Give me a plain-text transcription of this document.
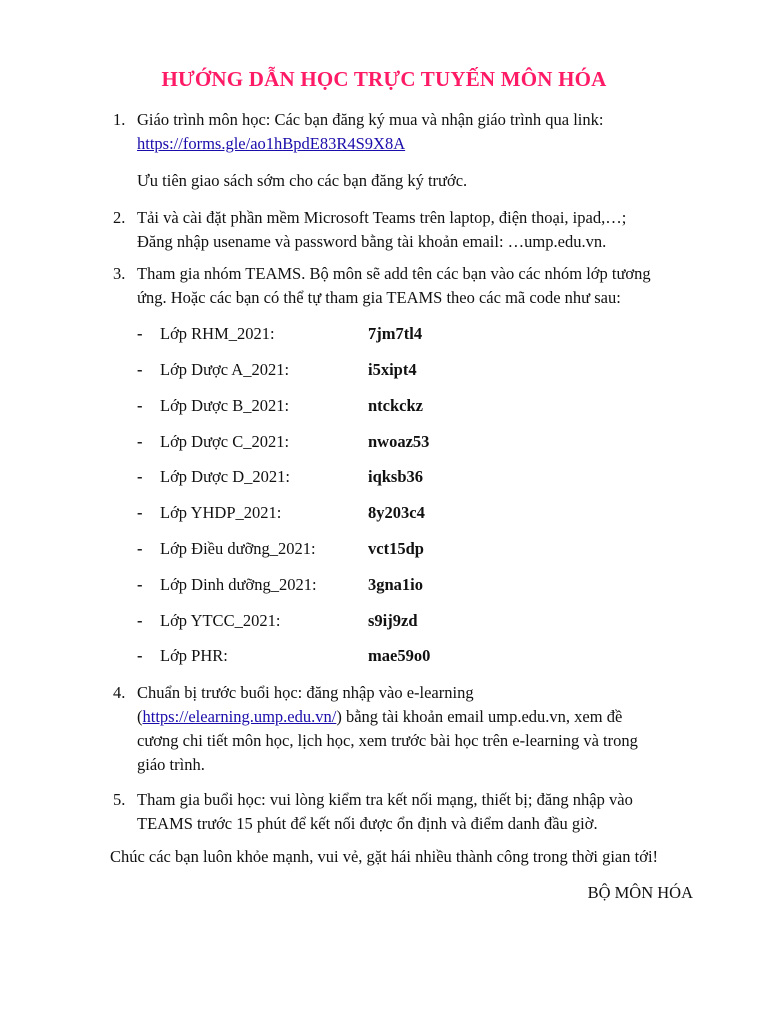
HƯỚNG DẪN HỌC TRỰC TUYẾN MÔN HÓA
1. Giáo trình môn học: Các bạn đăng ký mua và nhận giáo trình qua link:
https://forms.gle/ao1hBpdE83R4S9X8A
Ưu tiên giao sách sớm cho các bạn đăng ký trước.
2. Tải và cài đặt phần mềm Microsoft Teams trên laptop, điện thoại, ipad,…;
Đăng nhập usename và password bằng tài khoản email: …ump.edu.vn.
3. Tham gia nhóm TEAMS. Bộ môn sẽ add tên các bạn vào các nhóm lớp tương
ứng. Hoặc các bạn có thể tự tham gia TEAMS theo các mã code như sau:
- Lớp RHM_2021:	7jm7tl4
- Lớp Dược A_2021:	i5xipt4
- Lớp Dược B_2021:	ntckckz
- Lớp Dược C_2021:	nwoaz53
- Lớp Dược D_2021:	iqksb36
- Lớp YHDP_2021:	8y203c4
- Lớp Điều dưỡng_2021:	vct15dp
- Lớp Dinh dưỡng_2021:	3gna1io
- Lớp YTCC_2021:	s9ij9zd
- Lớp PHR:	mae59o0
4. Chuẩn bị trước buổi học: đăng nhập vào e-learning
(https://elearning.ump.edu.vn/) bằng tài khoản email ump.edu.vn, xem đề
cương chi tiết môn học, lịch học, xem trước bài học trên e-learning và trong
giáo trình.
5. Tham gia buổi học: vui lòng kiểm tra kết nối mạng, thiết bị; đăng nhập vào
TEAMS trước 15 phút để kết nối được ổn định và điểm danh đầu giờ.
Chúc các bạn luôn khỏe mạnh, vui vẻ, gặt hái nhiều thành công trong thời gian tới!
BỘ MÔN HÓA
